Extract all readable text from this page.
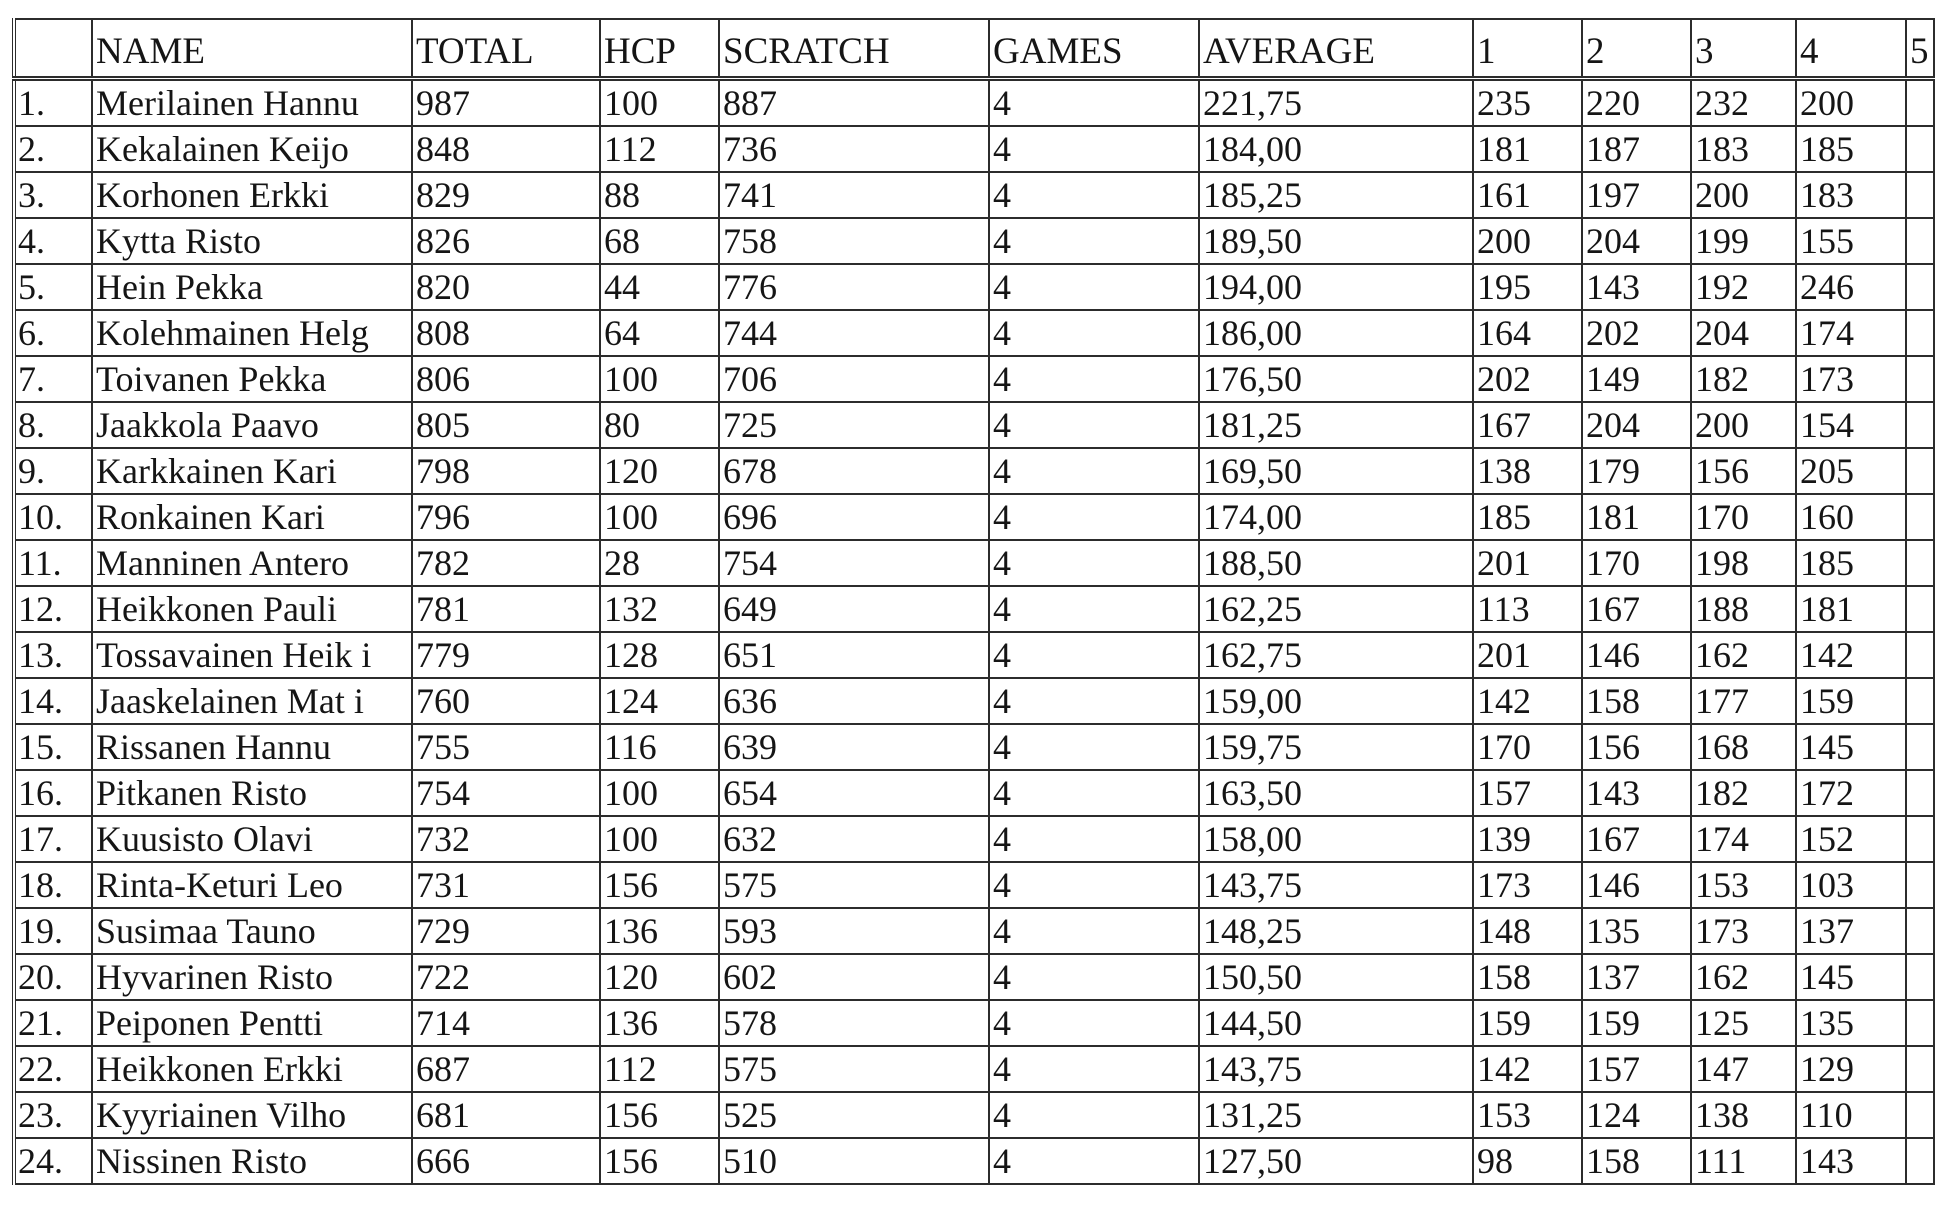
	NAME	TOTAL	HCP	SCRATCH	GAMES	AVERAGE	1	2	3	4	5
1.	Merilainen Hannu	987	100	887	4	221,75	235	220	232	200	
2.	Kekalainen Keijo	848	112	736	4	184,00	181	187	183	185	
3.	Korhonen Erkki	829	88	741	4	185,25	161	197	200	183	
4.	Kytta Risto	826	68	758	4	189,50	200	204	199	155	
5.	Hein Pekka	820	44	776	4	194,00	195	143	192	246	
6.	Kolehmainen Helg	808	64	744	4	186,00	164	202	204	174	
7.	Toivanen Pekka	806	100	706	4	176,50	202	149	182	173	
8.	Jaakkola Paavo	805	80	725	4	181,25	167	204	200	154	
9.	Karkkainen Kari	798	120	678	4	169,50	138	179	156	205	
10.	Ronkainen Kari	796	100	696	4	174,00	185	181	170	160	
11.	Manninen Antero	782	28	754	4	188,50	201	170	198	185	
12.	Heikkonen Pauli	781	132	649	4	162,25	113	167	188	181	
13.	Tossavainen Heik i	779	128	651	4	162,75	201	146	162	142	
14.	Jaaskelainen Mat i	760	124	636	4	159,00	142	158	177	159	
15.	Rissanen Hannu	755	116	639	4	159,75	170	156	168	145	
16.	Pitkanen Risto	754	100	654	4	163,50	157	143	182	172	
17.	Kuusisto Olavi	732	100	632	4	158,00	139	167	174	152	
18.	Rinta-Keturi Leo	731	156	575	4	143,75	173	146	153	103	
19.	Susimaa Tauno	729	136	593	4	148,25	148	135	173	137	
20.	Hyvarinen Risto	722	120	602	4	150,50	158	137	162	145	
21.	Peiponen Pentti	714	136	578	4	144,50	159	159	125	135	
22.	Heikkonen Erkki	687	112	575	4	143,75	142	157	147	129	
23.	Kyyriainen Vilho	681	156	525	4	131,25	153	124	138	110	
24.	Nissinen Risto	666	156	510	4	127,50	98	158	111	143	
